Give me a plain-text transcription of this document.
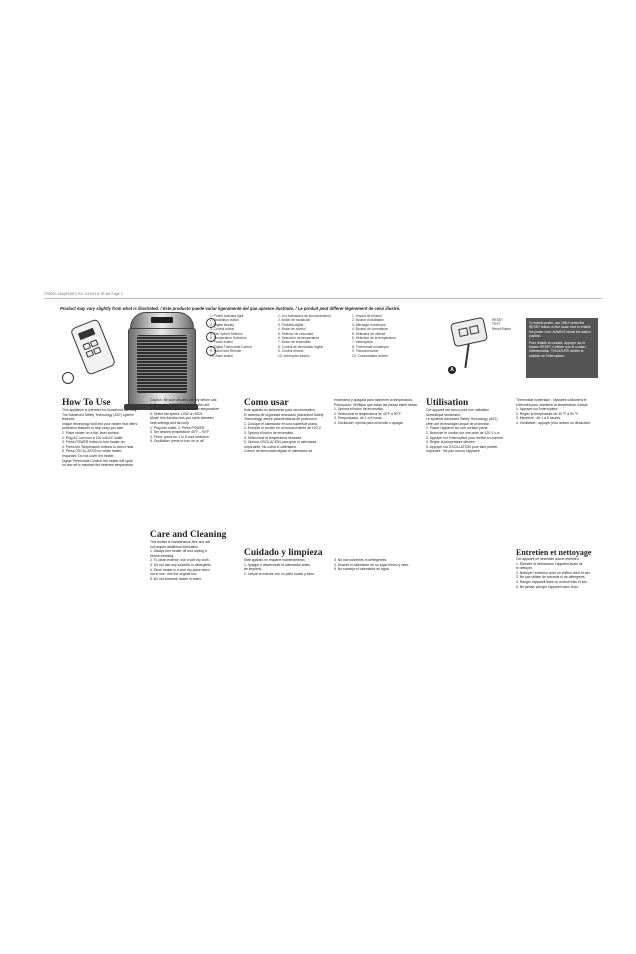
TH8000-26A(6045D)-RX 1/31/04 8:19 AM Page 2
Product may vary slightly from what is illustrated. / Este producto puede variar ligeramente del que aparece ilustrado. / Le produit peut différer légèrement de celui illustré.
1. Power indicator light
2. Oscillation button
3. Digital display
4. Control button
5. Fan Speed Selector
6. Temperature Selection
7. Power button
8. Digital Thermostat Control
9. Hand-held Remote
10. Back switch
1. Luz indicadora de funcionamiento
2. Botón de oscilación
3. Pantalla digital
4. Botón de control
5. Selector de velocidad
6. Selección de temperatura
7. Botón de encendido
8. Control de termostato digital
9. Control remoto
10. Interruptor trasero
1. Voyant de tension
2. Bouton d'oscillation
3. Affichage numérique
4. Bouton de commande
5. Sélecteur de vitesse
6. Sélection de la température
7. Interrupteur
8. Thermostat numérique
9. Télécommande
10. Commutateur arrière
A
RESET
TEST
Reset Button
To extend power, use ONLY press the RESET button on the loose cord to enable the power cord. ALWAYS check the switch position.
Pour rétablir le courant, appuyer sur le bouton RESET, n'utiliser que le cordon d'alimentation. TOUJOURS vérifier la position de l'interrupteur.
How To Use
This appliance is intended for household use only.
The Advanced Safety Technology (AST) system features:
unique technology built into your heater that offers
protection features to help keep you safe.
1. Place heater on a flat, level surface.
2. Plug AC cord into a 120 volt AC outlet.
3. Press POWER button to turn heater on.
4. Press the Temperature buttons to select heat.
5. Press OSCILLATION to rotate heater.
Important: Do not cover the heater.
Digital Thermostat Control: the heater will cycle
on and off to maintain the selected temperature.
Caution: Be sure all parts are dry before use.
1. Press the POWER button on the unit.
2. Press TEMP up or down to set temperature.
3. Select fan speed: LOW or HIGH.
Mode: this function lets you cycle between
heat settings and fan only.
1. Plug into outlet. 2. Press POWER.
3. Set desired temperature 40°F – 90°F.
4. Timer: press for 1 to 8 hour selection.
5. Oscillation: press to turn on or off.
Care and Cleaning
This heater is maintenance-free and will
not require additional lubrication.
1. Always turn heater off and unplug it
before cleaning.
2. To clean exterior, use a soft dry cloth.
3. Do not use any solvents or detergents.
4. Store heater in a cool dry place when
not in use. Use the original box.
5. Do not immerse heater in water.
Como usar
Este aparato es solamente para uso doméstico.
El sistema de seguridad avanzado (Advanced Safety
Technology) ofrece características de protección.
1. Coloque el calentador en una superficie plana.
2. Enchufe el cordón en un tomacorriente de 120 V.
3. Oprima el botón de encendido.
4. Seleccione la temperatura deseada.
5. Oprima OSCILACIÓN para girar el calentador.
Importante: No cubra el calentador.
Control de termostato digital: el calentador se
encenderá y apagará para mantener la temperatura.
Precaución: Verifique que todas las piezas estén secas.
1. Oprima el botón de encendido.
2. Seleccione la temperatura de 40°F a 90°F.
3. Temporizador: de 1 a 8 horas.
4. Oscilación: oprima para encender o apagar.
Cuidado y limpieza
Este aparato no requiere mantenimiento.
1. Apague y desenchufe el calentador antes
de limpiarlo.
2. Limpie el exterior con un paño suave y seco.
3. No use solventes ni detergentes.
4. Guarde el calentador en un lugar fresco y seco.
5. No sumerja el calentador en agua.
Utilisation
Cet appareil est conçu pour une utilisation
domestique seulement.
Le système Advanced Safety Technology (AST)
offre une technologie unique de protection.
1. Placer l'appareil sur une surface plane.
2. Brancher le cordon sur une prise de 120 V c.a.
3. Appuyer sur l'interrupteur pour mettre en marche.
4. Régler la température désirée.
5. Appuyer sur OSCILLATION pour faire pivoter.
Important : Ne pas couvrir l'appareil.
Thermostat numérique : l'appareil s'allumera et
s'éteindra pour maintenir la température choisie.
1. Appuyer sur l'interrupteur.
2. Régler la température de 40 °F à 90 °F.
3. Minuterie : de 1 à 8 heures.
4. Oscillation : appuyer pour activer ou désactiver.
Entretien et nettoyage
Cet appareil ne nécessite aucun entretien.
1. Éteindre et débrancher l'appareil avant de
le nettoyer.
2. Nettoyer l'extérieur avec un chiffon doux et sec.
3. Ne pas utiliser de solvants ni de détergents.
4. Ranger l'appareil dans un endroit frais et sec.
5. Ne jamais plonger l'appareil dans l'eau.
